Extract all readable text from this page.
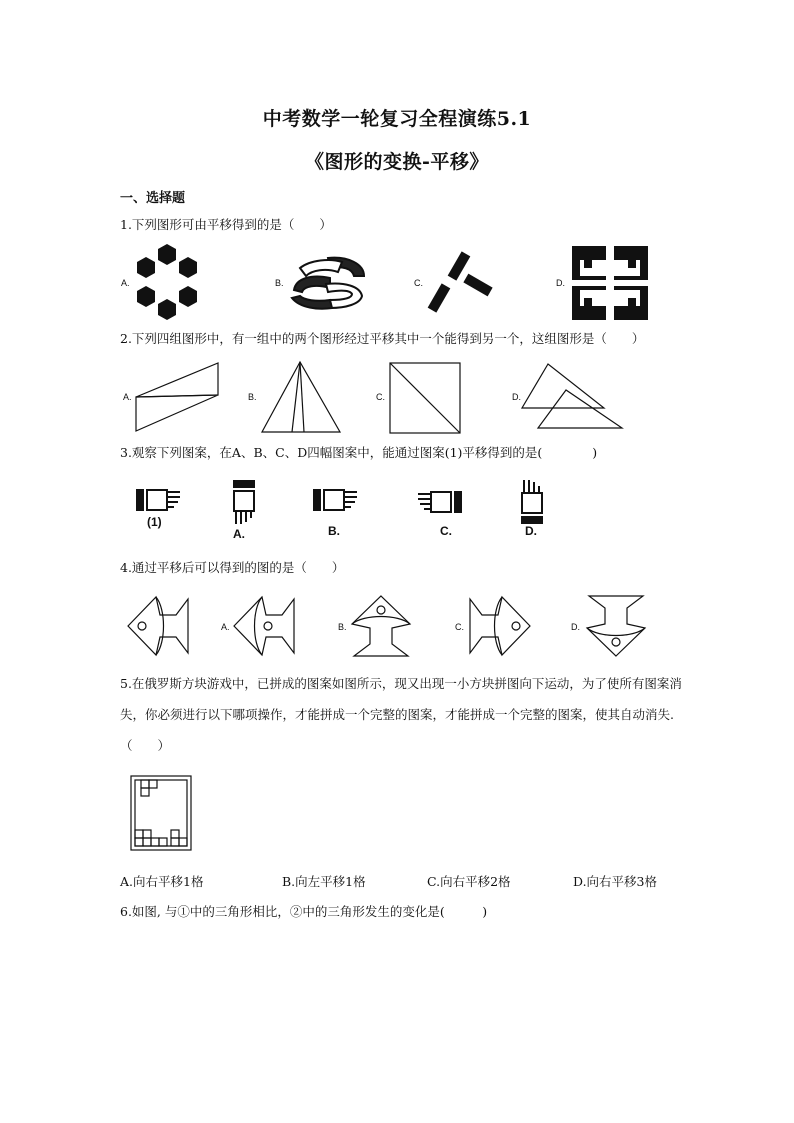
中考数学一轮复习全程演练5.1
《图形的变换-平移》
一、选择题
1.下列图形可由平移得到的是（　　）
A.	B.	C.	D.
2.下列四组图形中，有一组中的两个图形经过平移其中一个能得到另一个，这组图形是（　　）
A.	B.	C.	D.
3.观察下列图案，在A、B、C、D四幅图案中，能通过图案(1)平移得到的是(　　　　)
(1)
A.	B.	C.	D.
4.通过平移后可以得到的图的是（　　）
A.	B.	C.	D.
5.在俄罗斯方块游戏中，已拼成的图案如图所示，现又出现一小方块拼图向下运动，为了使所有图案消失，你必须进行以下哪项操作，才能拼成一个完整的图案，才能拼成一个完整的图案，使其自动消失.（　　）
A.向右平移1格	B.向左平移1格	C.向右平移2格	D.向右平移3格
6.如图, 与①中的三角形相比，②中的三角形发生的变化是(　　　)
